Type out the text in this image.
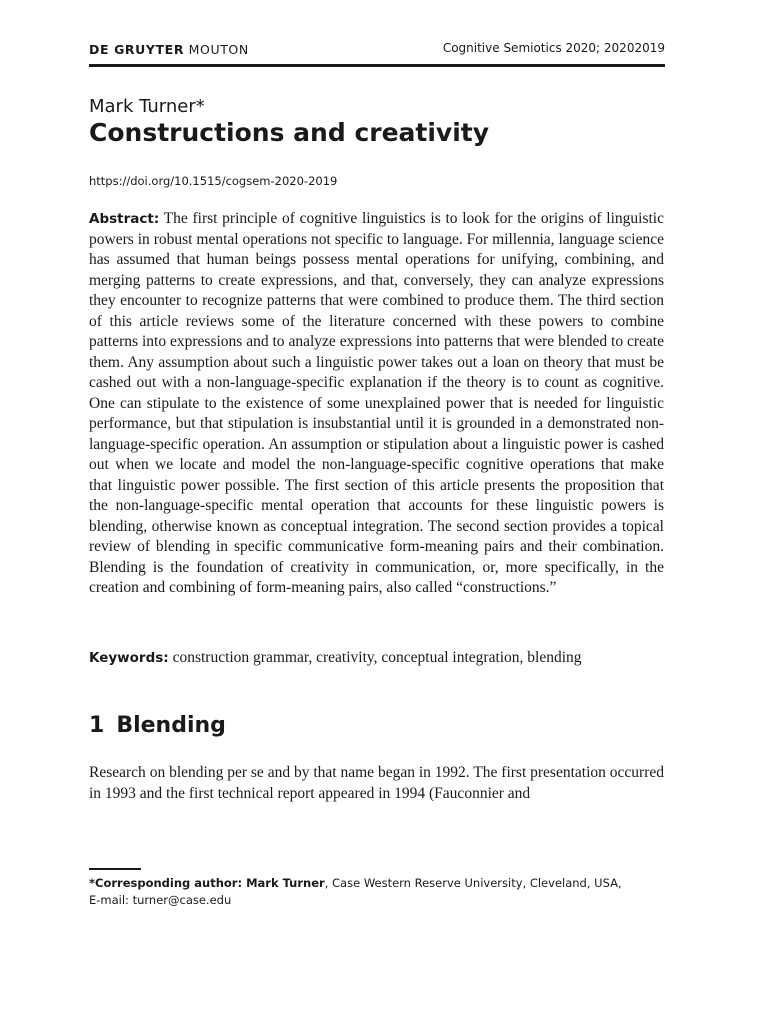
DE GRUYTER MOUTON	Cognitive Semiotics 2020; 20202019
Mark Turner*
Constructions and creativity
https://doi.org/10.1515/cogsem-2020-2019

Abstract: The first principle of cognitive linguistics is to look for the origins of linguistic powers in robust mental operations not specific to language. For millennia, language science has assumed that human beings possess mental operations for unifying, combining, and merging patterns to create expressions, and that, conversely, they can analyze expressions they encounter to recognize patterns that were combined to produce them. The third section of this article reviews some of the literature concerned with these powers to combine patterns into expressions and to analyze expressions into patterns that were blended to create them. Any assumption about such a linguistic power takes out a loan on theory that must be cashed out with a non-language-specific explanation if the theory is to count as cognitive. One can stipulate to the existence of some unexplained power that is needed for linguistic performance, but that stipulation is insubstantial until it is grounded in a demonstrated non-language-specific operation. An assumption or stipulation about a linguistic power is cashed out when we locate and model the non-language-specific cognitive operations that make that linguistic power possible. The first section of this article presents the proposition that the non-language-specific mental operation that accounts for these linguistic powers is blending, otherwise known as conceptual integration. The second section provides a topical review of blending in specific communicative form-meaning pairs and their combination. Blending is the foundation of creativity in communication, or, more specifically, in the creation and combining of form-meaning pairs, also called “constructions.”

Keywords: construction grammar, creativity, conceptual integration, blending

1 Blending

Research on blending per se and by that name began in 1992. The first presentation occurred in 1993 and the first technical report appeared in 1994 (Fauconnier and

*Corresponding author: Mark Turner, Case Western Reserve University, Cleveland, USA,
E-mail: turner@case.edu
